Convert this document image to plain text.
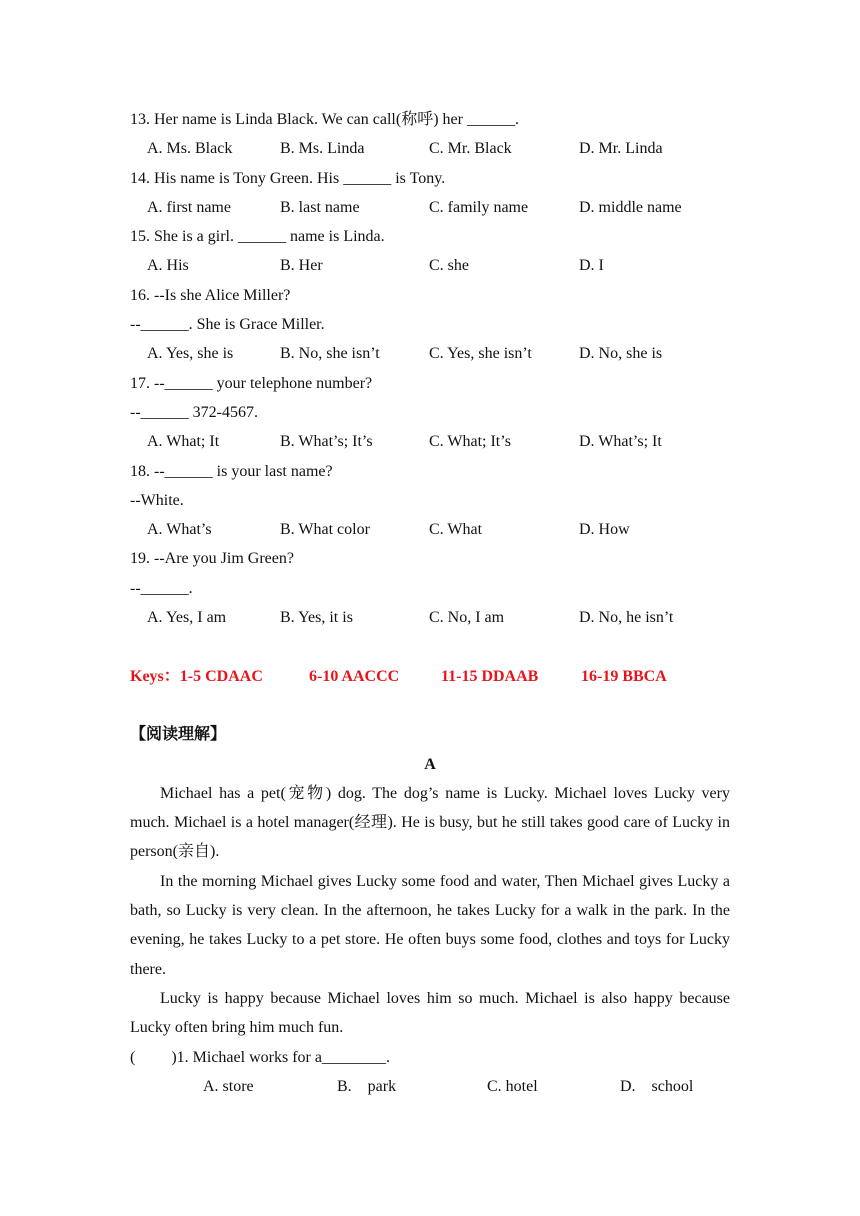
13. Her name is Linda Black. We can call(称呼) her ______.
A. Ms. Black	B. Ms. Linda	C. Mr. Black	D. Mr. Linda
14. His name is Tony Green. His ______ is Tony.
A. first name	B. last name	C. family name	D. middle name
15. She is a girl. ______ name is Linda.
A. His	B. Her	C. she	D. I
16. --Is she Alice Miller?
--______. She is Grace Miller.
A. Yes, she is	B. No, she isn’t	C. Yes, she isn’t	D. No, she is
17. --______ your telephone number?
--______ 372-4567.
A. What; It	B. What’s; It’s	C. What; It’s	D. What’s; It
18. --______ is your last name?
--White.
A. What’s	B. What color	C. What	D. How
19. --Are you Jim Green?
--______.
A. Yes, I am	B. Yes, it is	C. No, I am	D. No, he isn’t
Keys：1-5 CDAAC	6-10 AACCC	11-15 DDAAB	16-19 BBCA
【阅读理解】
A

Michael has a pet(宠物) dog. The dog’s name is Lucky. Michael loves Lucky very much. Michael is a hotel manager(经理). He is busy, but he still takes good care of Lucky in person(亲自).

In the morning Michael gives Lucky some food and water, Then Michael gives Lucky a bath, so Lucky is very clean. In the afternoon, he takes Lucky for a walk in the park. In the evening, he takes Lucky to a pet store. He often buys some food, clothes and toys for Lucky there.

Lucky is happy because Michael loves him so much. Michael is also happy because Lucky often bring him much fun.

(　　 )1. Michael works for a________.
A. store	B.　park	C. hotel	D.　school
